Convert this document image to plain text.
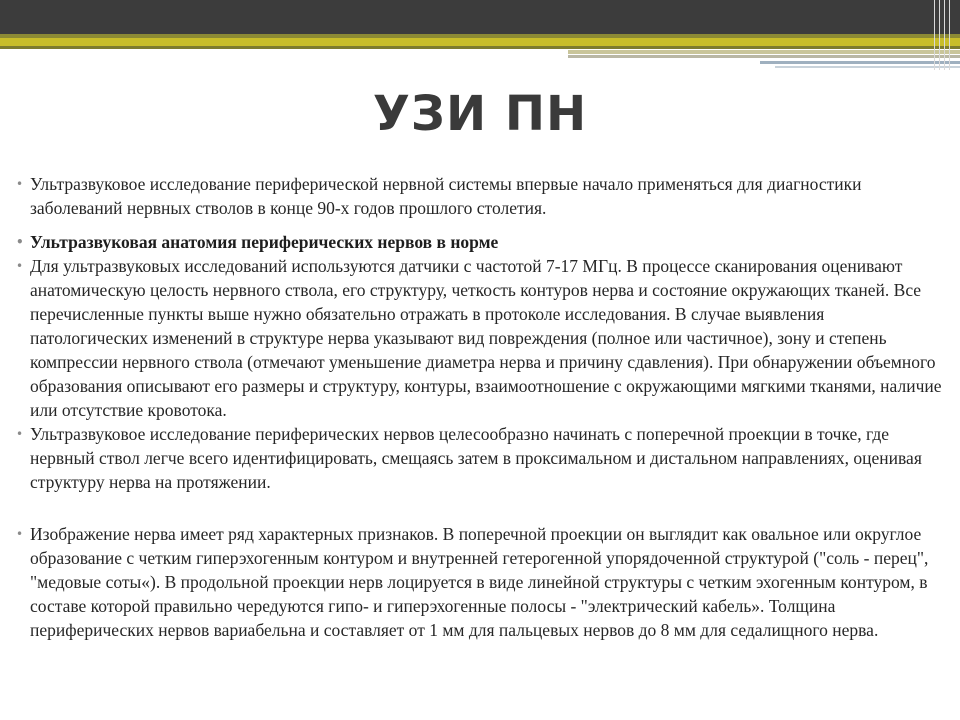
УЗИ ПН
• Ультразвуковое исследование периферической нервной системы впервые начало применяться для диагностики заболеваний нервных стволов в конце 90-х годов прошлого столетия.
• Ультразвуковая анатомия периферических нервов в норме
• Для ультразвуковых исследований используются датчики с частотой 7-17 МГц. В процессе сканирования оценивают анатомическую целость нервного ствола, его структуру, четкость контуров нерва и состояние окружающих тканей. Все перечисленные пункты выше нужно обязательно отражать в протоколе исследования. В случае выявления патологических изменений в структуре нерва указывают вид повреждения (полное или частичное), зону и степень компрессии нервного ствола (отмечают уменьшение диаметра нерва и причину сдавления). При обнаружении объемного образования описывают его размеры и структуру, контуры, взаимоотношение с окружающими мягкими тканями, наличие или отсутствие кровотока.
• Ультразвуковое исследование периферических нервов целесообразно начинать с поперечной проекции в точке, где нервный ствол легче всего идентифицировать, смещаясь затем в проксимальном и дистальном направлениях, оценивая структуру нерва на протяжении.
• Изображение нерва имеет ряд характерных признаков. В поперечной проекции он выглядит как овальное или округлое образование с четким гиперэхогенным контуром и внутренней гетерогенной упорядоченной структурой ("соль - перец", "медовые соты«). В продольной проекции нерв лоцируется в виде линейной структуры с четким эхогенным контуром, в составе которой правильно чередуются гипо- и гиперэхогенные полосы - "электрический кабель». Толщина периферических нервов вариабельна и составляет от 1 мм для пальцевых нервов до 8 мм для седалищного нерва.
